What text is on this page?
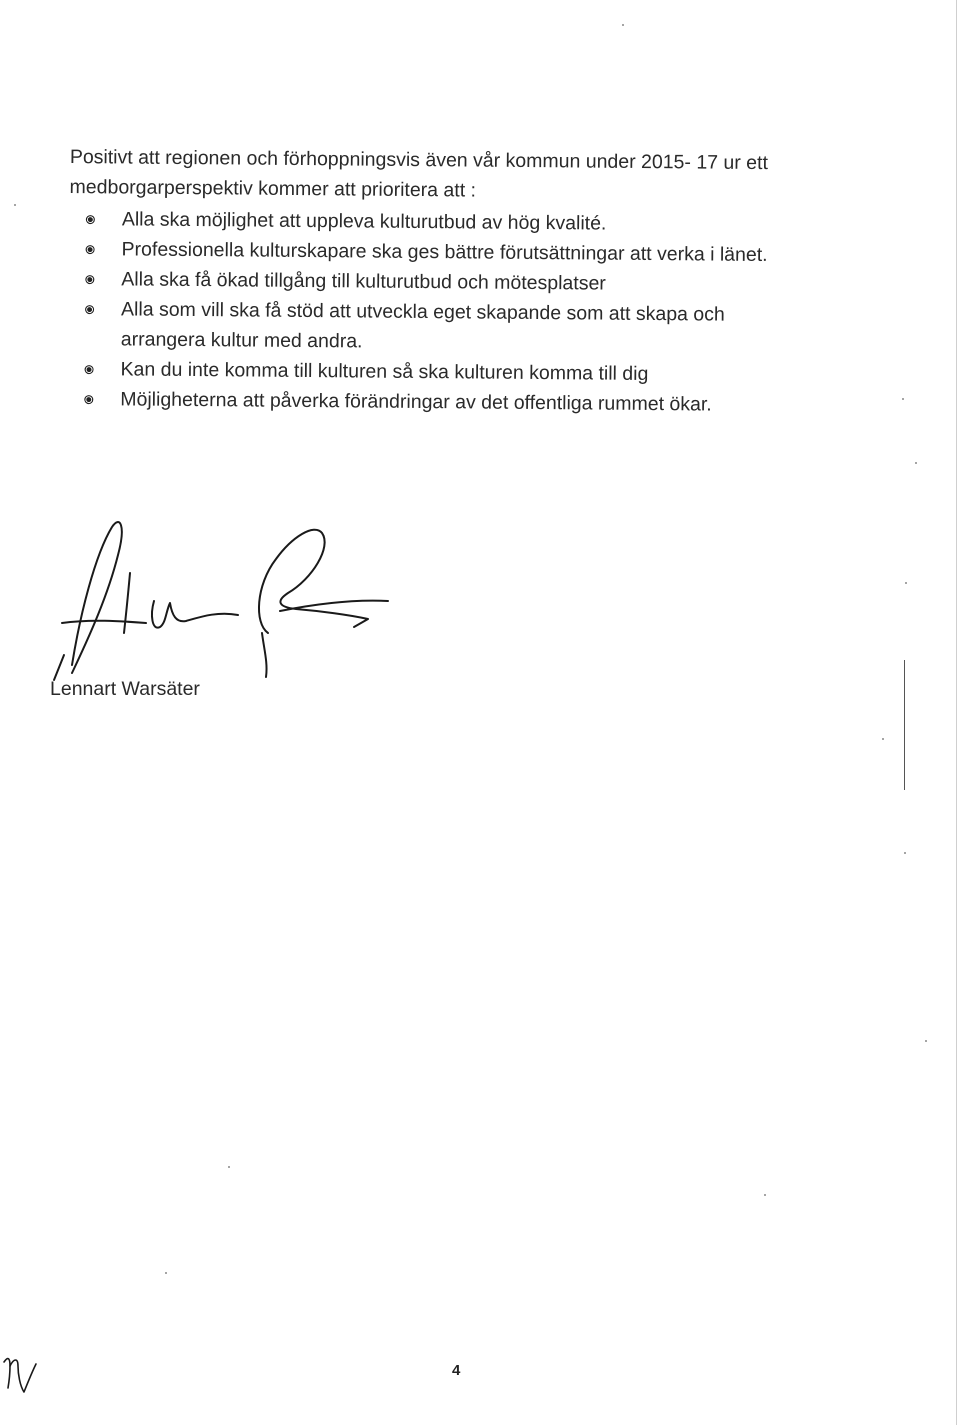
Positivt att regionen och förhoppningsvis även vår kommun under 2015- 17 ur ett medborgarperspektiv kommer att prioritera att :

Alla ska möjlighet att uppleva kulturutbud av hög kvalité.
Professionella kulturskapare ska ges bättre förutsättningar att verka i länet.
Alla ska få ökad tillgång till kulturutbud och mötesplatser
Alla som vill ska få stöd att utveckla eget skapande som att skapa och arrangera kultur med andra.
Kan du inte komma till kulturen så ska kulturen komma till dig
Möjligheterna att påverka förändringar av det offentliga rummet ökar.

Lennart Warsäter

4
